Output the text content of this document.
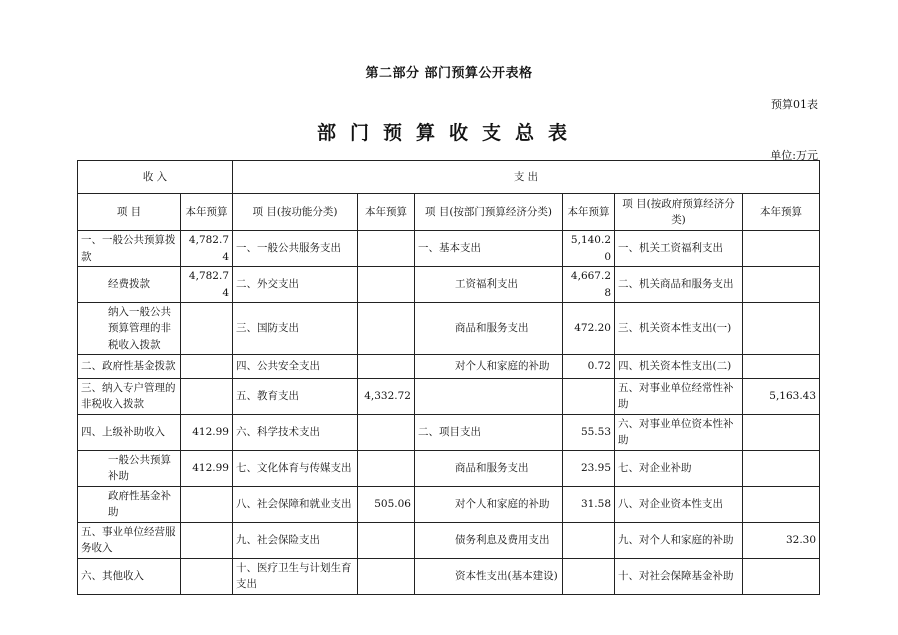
第二部分 部门预算公开表格
预算01表
部门预算收支总表
单位:万元
收 入		支 出					
项 目	本年预算	项 目(按功能分类)	本年预算	项 目(按部门预算经济分类)	本年预算	项 目(按政府预算经济分类)	本年预算
一、一般公共预算拨款	4,782.74	一、一般公共服务支出		一、基本支出	5,140.20	一、机关工资福利支出	
经费拨款	4,782.74	二、外交支出		工资福利支出	4,667.28	二、机关商品和服务支出	
纳入一般公共预算管理的非税收入拨款		三、国防支出		商品和服务支出	472.20	三、机关资本性支出(一)	
二、政府性基金拨款		四、公共安全支出		对个人和家庭的补助	0.72	四、机关资本性支出(二)	
三、纳入专户管理的非税收入拨款		五、教育支出	4,332.72			五、对事业单位经常性补助	5,163.43
四、上级补助收入	412.99	六、科学技术支出		二、项目支出	55.53	六、对事业单位资本性补助	
一般公共预算补助	412.99	七、文化体育与传媒支出		商品和服务支出	23.95	七、对企业补助	
政府性基金补助		八、社会保障和就业支出	505.06	对个人和家庭的补助	31.58	八、对企业资本性支出	
五、事业单位经营服务收入		九、社会保险支出		债务利息及费用支出		九、对个人和家庭的补助	32.30
六、其他收入		十、医疗卫生与计划生育支出		资本性支出(基本建设)		十、对社会保障基金补助	
